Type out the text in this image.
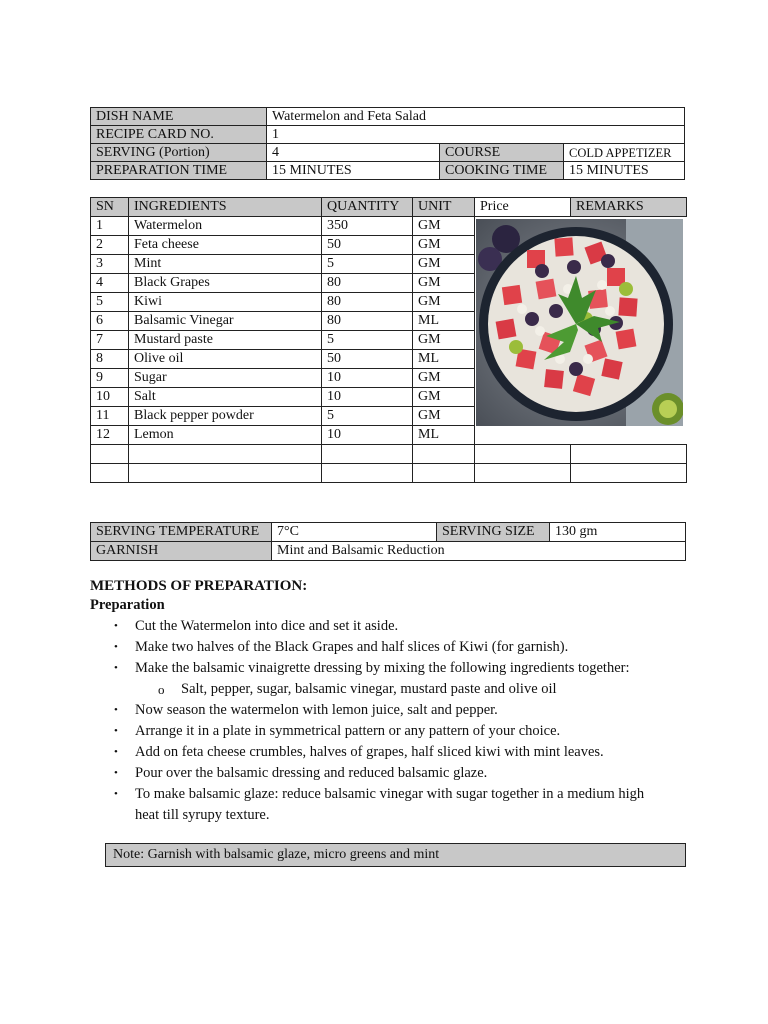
DISH NAME	Watermelon and Feta Salad		
RECIPE CARD NO.	1		
SERVING (Portion)	4	COURSE	COLD APPETIZER
PREPARATION TIME	15 MINUTES	COOKING TIME	15 MINUTES
SN	INGREDIENTS	QUANTITY	UNIT	Price	REMARKS
1	Watermelon	350	GM		
2	Feta cheese	50	GM		
3	Mint	5	GM		
4	Black Grapes	80	GM		
5	Kiwi	80	GM		
6	Balsamic Vinegar	80	ML		
7	Mustard paste	5	GM		
8	Olive oil	50	ML		
9	Sugar	10	GM		
10	Salt	10	GM		
11	Black pepper powder	5	GM		
12	Lemon	10	ML		

SERVING TEMPERATURE	7°C	SERVING SIZE	130 gm
GARNISH	Mint and Balsamic Reduction		
METHODS OF PREPARATION:
Preparation
• Cut the Watermelon into dice and set it aside.
• Make two halves of the Black Grapes and half slices of Kiwi (for garnish).
• Make the balsamic vinaigrette dressing by mixing the following ingredients together:
o Salt, pepper, sugar, balsamic vinegar, mustard paste and olive oil
• Now season the watermelon with lemon juice, salt and pepper.
• Arrange it in a plate in symmetrical pattern or any pattern of your choice.
• Add on feta cheese crumbles, halves of grapes, half sliced kiwi with mint leaves.
• Pour over the balsamic dressing and reduced balsamic glaze.
• To make balsamic glaze: reduce balsamic vinegar with sugar together in a medium high
heat till syrupy texture.
Note: Garnish with balsamic glaze, micro greens and mint
